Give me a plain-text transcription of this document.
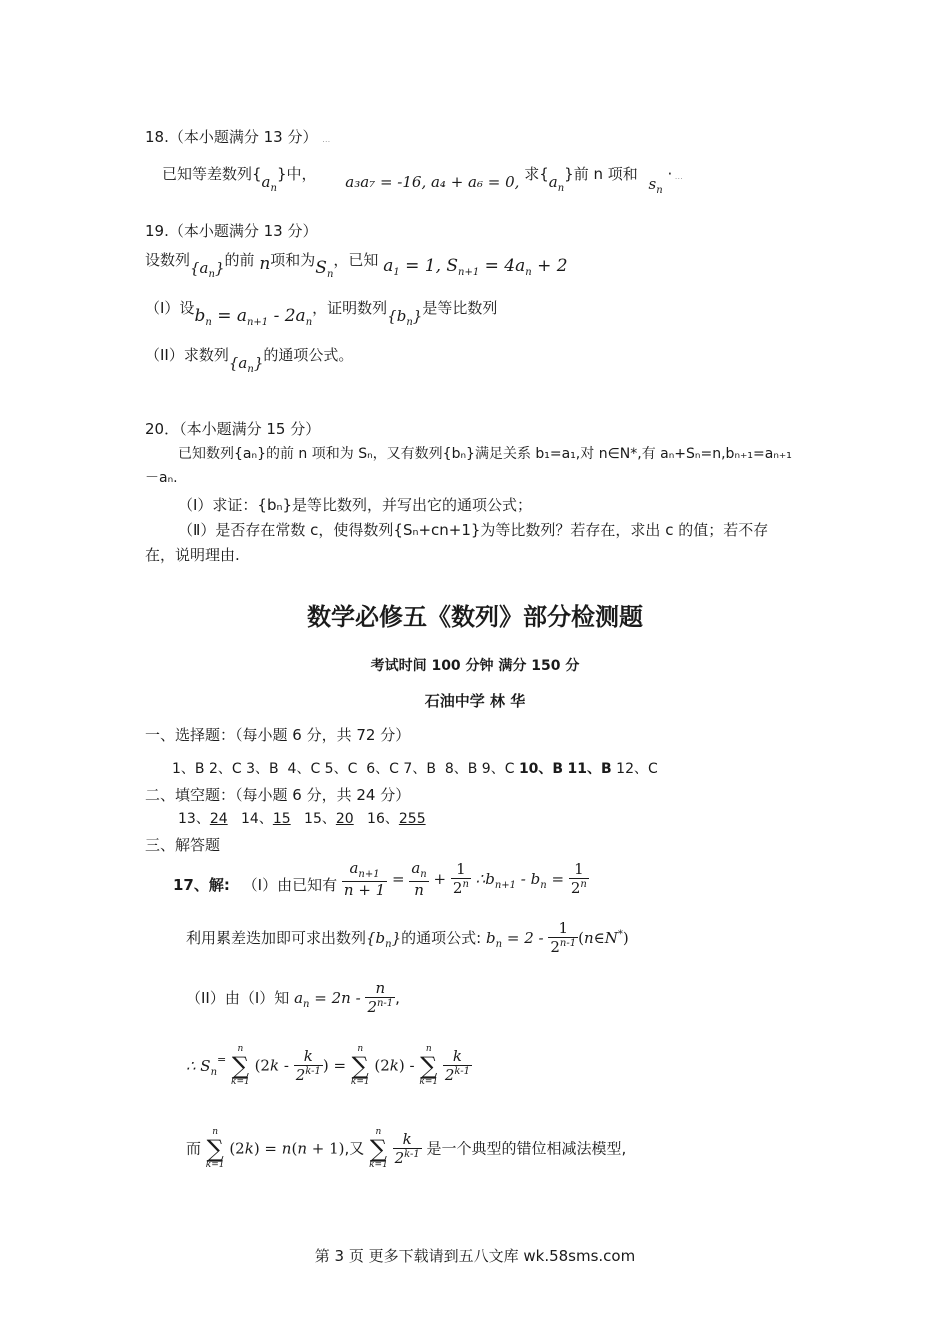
18.（本小题满分 13 分） …
已知等差数列$\{a_n\}$中， a₃a₇ = -16, a₄ + a₆ = 0, 求$\{a_n\}$前 n 项和 $s_n$ · …
19.（本小题满分 13 分）
设数列$\{a_n\}$的前 n项和为$S_n$，已知 $a_1 = 1$, $S_{n+1} = 4a_n + 2$
（I）设$b_n = a_{n+1} - 2a_n$，证明数列$\{b_n\}$是等比数列
（II）求数列$\{a_n\}$的通项公式。
20．（本小题满分 15 分）
已知数列{aₙ}的前 n 项和为 Sₙ，又有数列{bₙ}满足关系 b₁=a₁,对 n∈N*,有 aₙ+Sₙ=n,bₙ₊₁=aₙ₊₁
－aₙ.
（Ⅰ）求证：{bₙ}是等比数列，并写出它的通项公式；
（Ⅱ）是否存在常数 c，使得数列{Sₙ+cn+1}为等比数列？若存在，求出 c 的值；若不存
在，说明理由.
数学必修五《数列》部分检测题
考试时间 100 分钟 满分 150 分
石油中学 林 华
一、选择题：（每小题 6 分，共 72 分）
1、B 2、C 3、B 4、C 5、C 6、C 7、B 8、B 9、C 10、B 11、B 12、C
二、填空题：（每小题 6 分，共 24 分）
13、24 14、15 15、20 16、255
三、解答题
17、解: （I）由已知有 $\frac{a_{n+1}}{n + 1} = \frac{a_n}{n} + \frac{1}{2^n}$ $\therefore b_{n+1} - b_n = \frac{1}{2^n}$
利用累差迭加即可求出数列$\{b_n\}$的通项公式: $b_n = 2 - \frac{1}{2^{n-1}}$ (n∈N*)
（II）由（I）知 $a_n = 2n - \frac{n}{2^{n-1}}$ ,
∴ $S_n^=$
n
∑
k=1
($2k - \frac{k}{2^{k-1}}$ ) =
n
∑
k=1
(2k) -
n
∑
k=1
$\frac{k}{2^{k-1}}$
而
n
∑
k=1
(2k) = n(n + 1),又
n
∑
k=1
$\frac{k}{2^{k-1}}$ 是一个典型的错位相减法模型,
第 3 页 更多下载请到五八文库 wk.58sms.com
